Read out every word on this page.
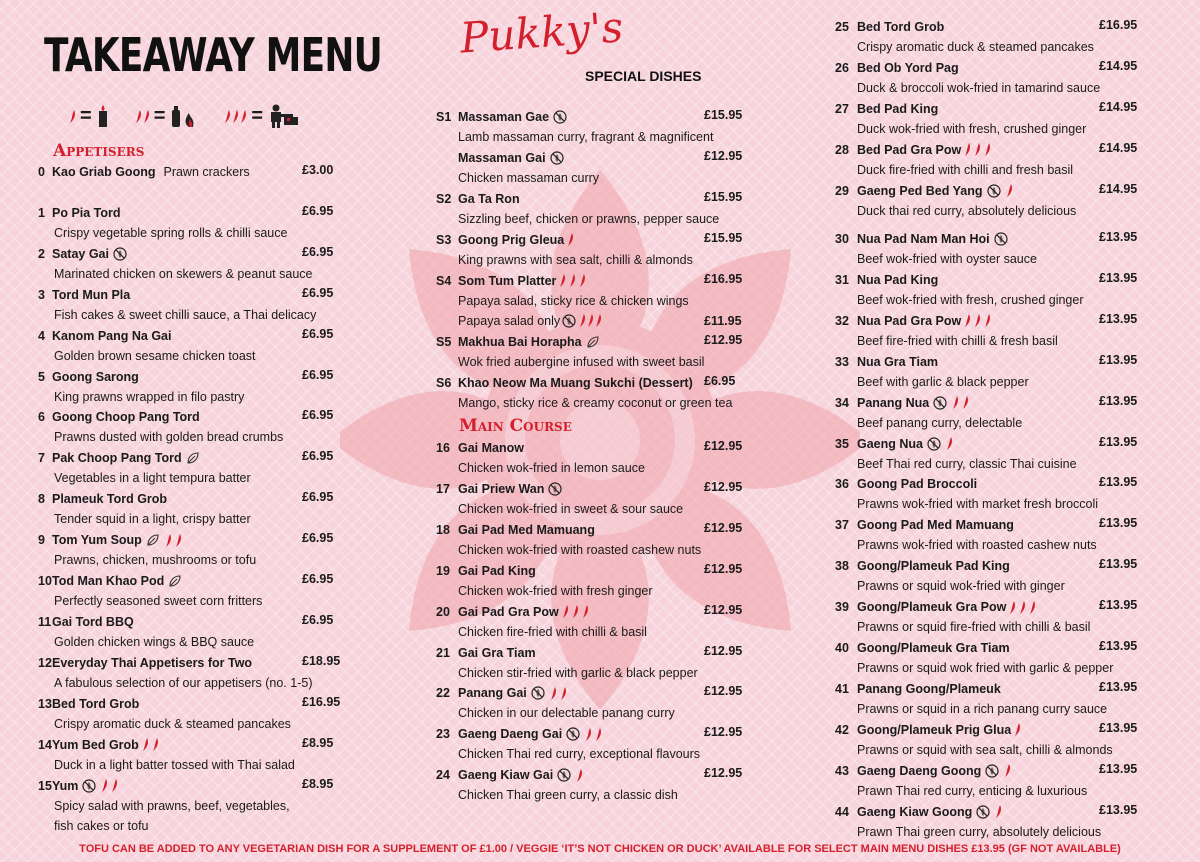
TAKEAWAY MENU
=	=	=
Pukky's
SPECIAL DISHES
Appetisers
Main Course
0 Kao Griab Goong Prawn crackers	£3.00
1 Po Pia Tord	£6.95
Crispy vegetable spring rolls & chilli sauce
2 Satay Gai	£6.95
Marinated chicken on skewers & peanut sauce
3 Tord Mun Pla	£6.95
Fish cakes & sweet chilli sauce, a Thai delicacy
4 Kanom Pang Na Gai	£6.95
Golden brown sesame chicken toast
5 Goong Sarong	£6.95
King prawns wrapped in filo pastry
6 Goong Choop Pang Tord	£6.95
Prawns dusted with golden bread crumbs
7 Pak Choop Pang Tord	£6.95
Vegetables in a light tempura batter
8 Plameuk Tord Grob	£6.95
Tender squid in a light, crispy batter
9 Tom Yum Soup	£6.95
Prawns, chicken, mushrooms or tofu
10 Tod Man Khao Pod	£6.95
Perfectly seasoned sweet corn fritters
11 Gai Tord BBQ	£6.95
Golden chicken wings & BBQ sauce
12 Everyday Thai Appetisers for Two	£18.95
A fabulous selection of our appetisers (no. 1-5)
13 Bed Tord Grob	£16.95
Crispy aromatic duck & steamed pancakes
14 Yum Bed Grob	£8.95
Duck in a light batter tossed with Thai salad
15 Yum	£8.95
Spicy salad with prawns, beef, vegetables,
fish cakes or tofu
S1 Massaman Gae	£15.95
Lamb massaman curry, fragrant & magnificent
Massaman Gai	£12.95
Chicken massaman curry
S2 Ga Ta Ron	£15.95
Sizzling beef, chicken or prawns, pepper sauce
S3 Goong Prig Gleua	£15.95
King prawns with sea salt, chilli & almonds
S4 Som Tum Platter	£16.95
Papaya salad, sticky rice & chicken wings
Papaya salad only	£11.95
S5 Makhua Bai Horapha	£12.95
Wok fried aubergine infused with sweet basil
S6 Khao Neow Ma Muang Sukchi (Dessert) £6.95
Mango, sticky rice & creamy coconut or green tea
16 Gai Manow	£12.95
Chicken wok-fried in lemon sauce
17 Gai Priew Wan	£12.95
Chicken wok-fried in sweet & sour sauce
18 Gai Pad Med Mamuang	£12.95
Chicken wok-fried with roasted cashew nuts
19 Gai Pad King	£12.95
Chicken wok-fried with fresh ginger
20 Gai Pad Gra Pow	£12.95
Chicken fire-fried with chilli & basil
21 Gai Gra Tiam	£12.95
Chicken stir-fried with garlic & black pepper
22 Panang Gai	£12.95
Chicken in our delectable panang curry
23 Gaeng Daeng Gai	£12.95
Chicken Thai red curry, exceptional flavours
24 Gaeng Kiaw Gai	£12.95
Chicken Thai green curry, a classic dish
25 Bed Tord Grob	£16.95
Crispy aromatic duck & steamed pancakes
26 Bed Ob Yord Pag	£14.95
Duck & broccoli wok-fried in tamarind sauce
27 Bed Pad King	£14.95
Duck wok-fried with fresh, crushed ginger
28 Bed Pad Gra Pow	£14.95
Duck fire-fried with chilli and fresh basil
29 Gaeng Ped Bed Yang	£14.95
Duck thai red curry, absolutely delicious
30 Nua Pad Nam Man Hoi	£13.95
Beef wok-fried with oyster sauce
31 Nua Pad King	£13.95
Beef wok-fried with fresh, crushed ginger
32 Nua Pad Gra Pow	£13.95
Beef fire-fried with chilli & fresh basil
33 Nua Gra Tiam	£13.95
Beef with garlic & black pepper
34 Panang Nua	£13.95
Beef panang curry, delectable
35 Gaeng Nua	£13.95
Beef Thai red curry, classic Thai cuisine
36 Goong Pad Broccoli	£13.95
Prawns wok-fried with market fresh broccoli
37 Goong Pad Med Mamuang	£13.95
Prawns wok-fried with roasted cashew nuts
38 Goong/Plameuk Pad King	£13.95
Prawns or squid wok-fried with ginger
39 Goong/Plameuk Gra Pow	£13.95
Prawns or squid fire-fried with chilli & basil
40 Goong/Plameuk Gra Tiam	£13.95
Prawns or squid wok fried with garlic & pepper
41 Panang Goong/Plameuk	£13.95
Prawns or squid in a rich panang curry sauce
42 Goong/Plameuk Prig Glua	£13.95
Prawns or squid with sea salt, chilli & almonds
43 Gaeng Daeng Goong	£13.95
Prawn Thai red curry, enticing & luxurious
44 Gaeng Kiaw Goong	£13.95
Prawn Thai green curry, absolutely delicious
TOFU CAN BE ADDED TO ANY VEGETARIAN DISH FOR A SUPPLEMENT OF £1.00 / VEGGIE ‘IT’S NOT CHICKEN OR DUCK’ AVAILABLE FOR SELECT MAIN MENU DISHES £13.95 (GF NOT AVAILABLE)
